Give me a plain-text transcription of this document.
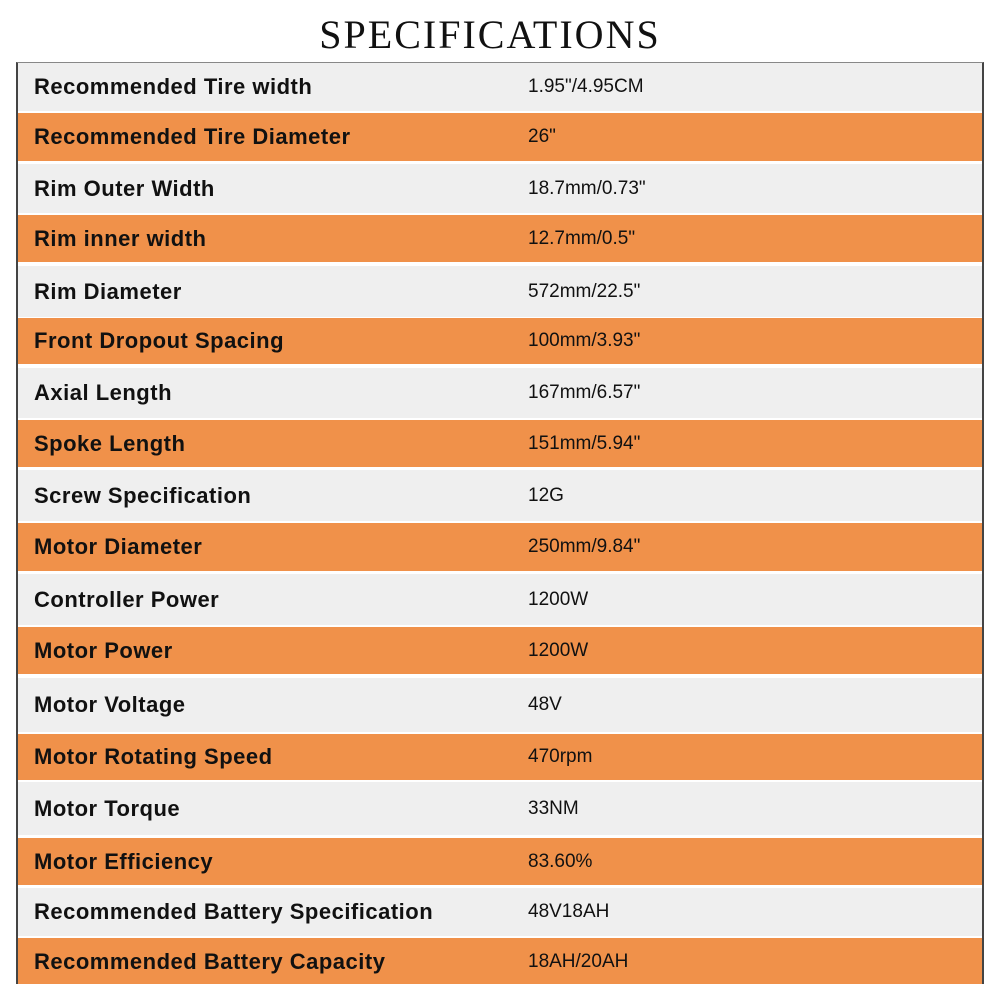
SPECIFICATIONS
Recommended Tire width	1.95"/4.95CM
Recommended Tire Diameter	26"
Rim Outer Width	18.7mm/0.73"
Rim inner width	12.7mm/0.5"
Rim Diameter	572mm/22.5"
Front Dropout Spacing	100mm/3.93"
Axial Length	167mm/6.57"
Spoke Length	151mm/5.94"
Screw Specification	12G
Motor Diameter	250mm/9.84"
Controller Power	1200W
Motor Power	1200W
Motor Voltage	48V
Motor Rotating Speed	470rpm
Motor Torque	33NM
Motor Efficiency	83.60%
Recommended Battery Specification	48V18AH
Recommended Battery Capacity	18AH/20AH
